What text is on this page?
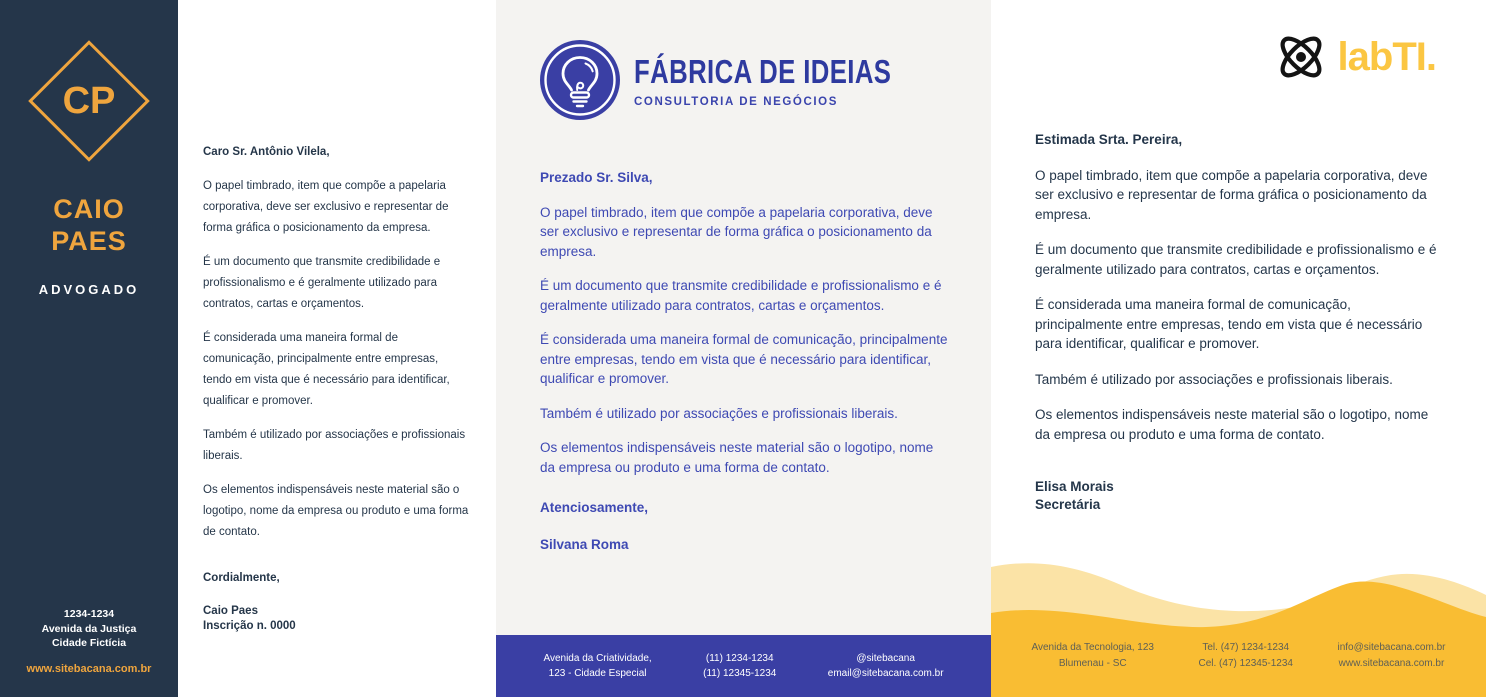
CP
CAIO
PAES
ADVOGADO
1234-1234
Avenida da Justiça
Cidade Fictícia
www.sitebacana.com.br
Caro Sr. Antônio Vilela,

O papel timbrado, item que compõe a papelaria corporativa, deve ser exclusivo e representar de forma gráfica o posicionamento da empresa.

É um documento que transmite credibilidade e profissionalismo e é geralmente utilizado para contratos, cartas e orçamentos.

É considerada uma maneira formal de comunicação, principalmente entre empresas, tendo em vista que é necessário para identificar, qualificar e promover.

Também é utilizado por associações e profissionais liberais.

Os elementos indispensáveis neste material são o logotipo, nome da empresa ou produto e uma forma de contato.

Cordialmente,
Caio Paes
Inscrição n. 0000
FÁBRICA DE IDEIAS
CONSULTORIA DE NEGÓCIOS
Prezado Sr. Silva,

O papel timbrado, item que compõe a papelaria corporativa, deve ser exclusivo e representar de forma gráfica o posicionamento da empresa.

É um documento que transmite credibilidade e profissionalismo e é geralmente utilizado para contratos, cartas e orçamentos.

É considerada uma maneira formal de comunicação, principalmente entre empresas, tendo em vista que é necessário para identificar, qualificar e promover.

Também é utilizado por associações e profissionais liberais.

Os elementos indispensáveis neste material são o logotipo, nome da empresa ou produto e uma forma de contato.

Atenciosamente,
Silvana Roma
Avenida da Criatividade,
123 - Cidade Especial
(11) 1234-1234
(11) 12345-1234
@sitebacana
email@sitebacana.com.br
labTI.
Estimada Srta. Pereira,

O papel timbrado, item que compõe a papelaria corporativa, deve ser exclusivo e representar de forma gráfica o posicionamento da empresa.

É um documento que transmite credibilidade e profissionalismo e é geralmente utilizado para contratos, cartas e orçamentos.

É considerada uma maneira formal de comunicação, principalmente entre empresas, tendo em vista que é necessário para identificar, qualificar e promover.

Também é utilizado por associações e profissionais liberais.

Os elementos indispensáveis neste material são o logotipo, nome da empresa ou produto e uma forma de contato.

Elisa Morais
Secretária
Avenida da Tecnologia, 123
Blumenau - SC
Tel. (47) 1234-1234
Cel. (47) 12345-1234
info@sitebacana.com.br
www.sitebacana.com.br
